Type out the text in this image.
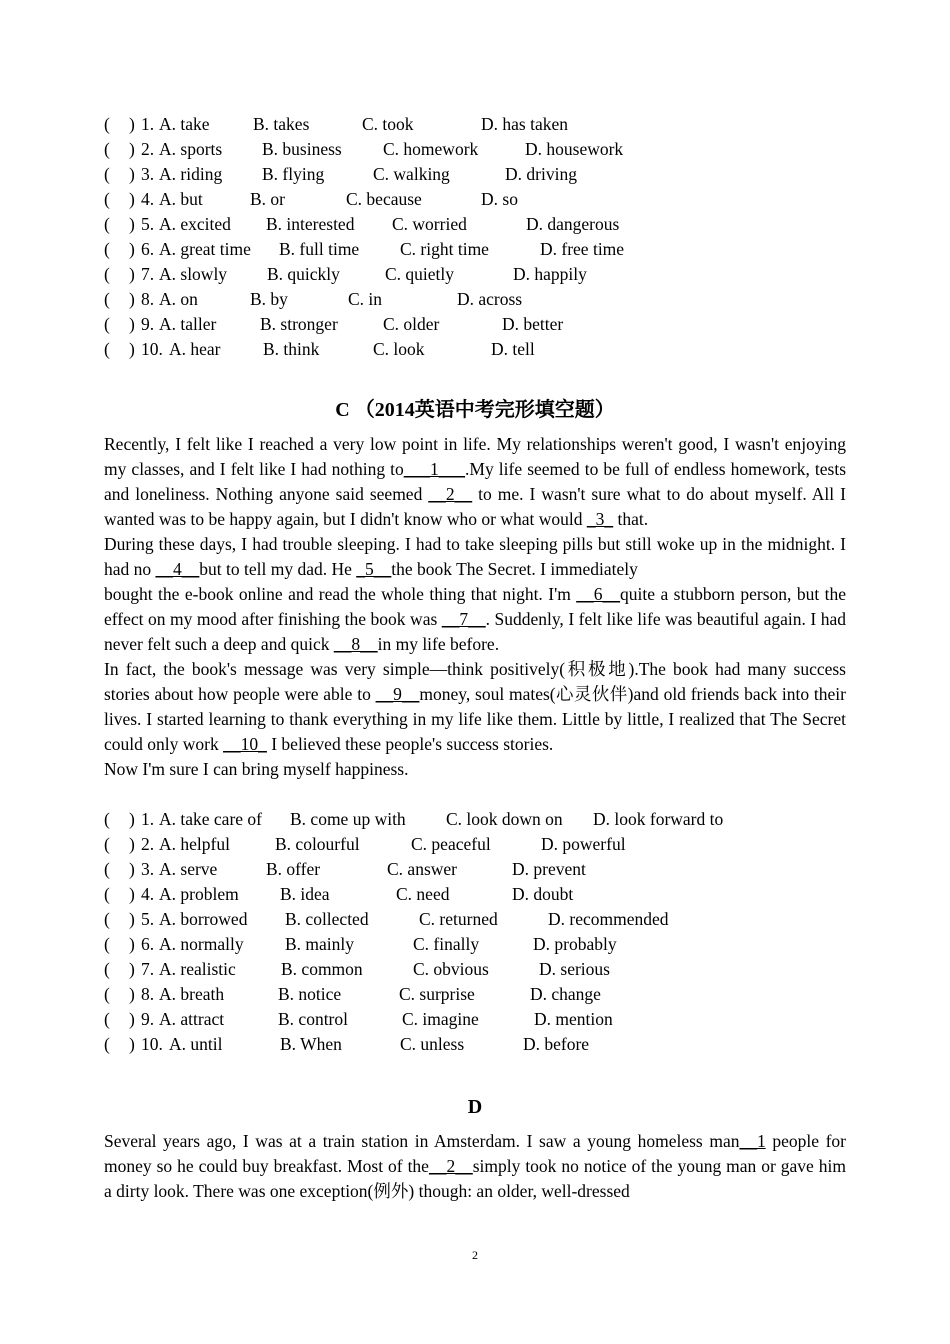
( ) 1. A. take B. takes	C. took	D. has taken
( ) 2. A. sports B. business C. homework	D. housework
( ) 3. A. riding B. flying	C. walking	D. driving
( ) 4. A. but	B. or	C. because	D. so
( ) 5. A. excited B. interested C. worried	D. dangerous
( ) 6. A. great time B. full time C. right time	D. free time
( ) 7. A. slowly B. quickly	C. quietly	D. happily
( ) 8. A. on	B. by	C. in	D. across
( ) 9. A. taller B. stronger	C. older	D. better
( ) 10. A. hear B. think	C. look	D. tell
C （2014英语中考完形填空题）

Recently, I felt like I reached a very low point in life. My relationships weren't good, I wasn't enjoying my classes, and I felt like I had nothing to___1___.My life seemed to be full of endless homework, tests and loneliness. Nothing anyone said seemed __2__ to me. I wasn't sure what to do about myself. All I wanted was to be happy again, but I didn't know who or what would _3_ that.

During these days, I had trouble sleeping. I had to take sleeping pills but still woke up in the midnight. I had no __4__but to tell my dad. He _5__the book The Secret. I immediately

bought the e-book online and read the whole thing that night. I'm __6__quite a stubborn person, but the effect on my mood after finishing the book was __7__. Suddenly, I felt like life was beautiful again. I had never felt such a deep and quick __8__in my life before.

In fact, the book's message was very simple—think positively(积极地).The book had many success stories about how people were able to __9__money, soul mates(心灵伙伴)and old friends back into their lives. I started learning to thank everything in my life like them. Little by little, I realized that The Secret could only work __10_ I believed these people's success stories.

Now I'm sure I can bring myself happiness.

( ) 1. A. take care of B. come up with C. look down on D. look forward to
( ) 2. A. helpful	B. colourful	C. peaceful	D. powerful
( ) 3. A. serve	B. offer	C. answer	D. prevent
( ) 4. A. problem B. idea	C. need	D. doubt
( ) 5. A. borrowed B. collected	C. returned	D. recommended
( ) 6. A. normally B. mainly	C. finally	D. probably
( ) 7. A. realistic	B. common	C. obvious	D. serious
( ) 8. A. breath	B. notice	C. surprise	D. change
( ) 9. A. attract	B. control	C. imagine	D. mention
( ) 10. A. until	B. When	C. unless	D. before
D

Several years ago, I was at a train station in Amsterdam. I saw a young homeless man__1 people for money so he could buy breakfast. Most of the__2__simply took no notice of the young man or gave him a dirty look. There was one exception(例外) though: an older, well-dressed

2
